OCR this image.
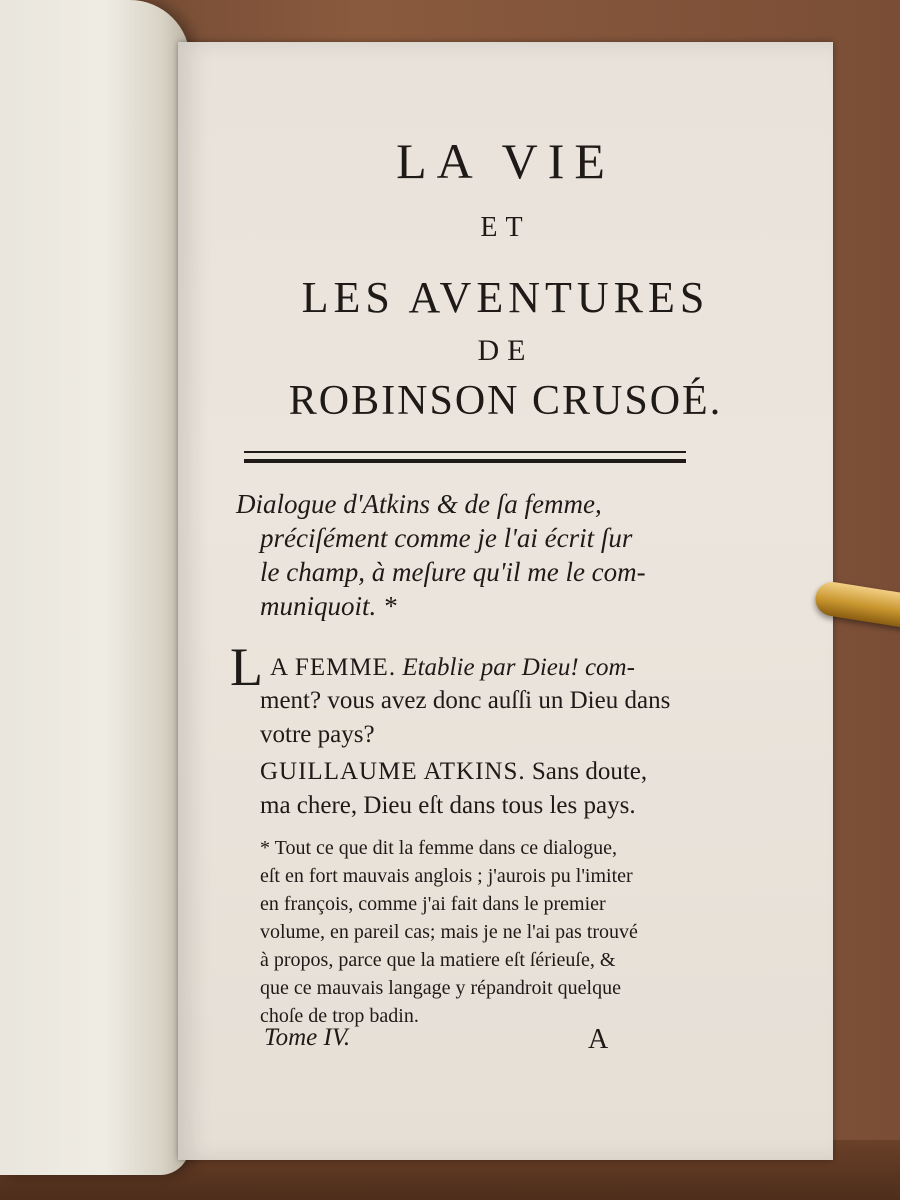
LA VIE
ET
LES AVENTURES
DE
ROBINSON CRUSOÉ.
Dialogue d'Atkins & de ſa femme,
préciſément comme je l'ai écrit ſur
le champ, à meſure qu'il me le com-
muniquoit. *
L A FEMME. Etablie par Dieu! com-
ment? vous avez donc auſſi un Dieu dans
votre pays?
GUILLAUME ATKINS. Sans doute,
ma chere, Dieu eſt dans tous les pays.
* Tout ce que dit la femme dans ce dialogue,
eſt en fort mauvais anglois ; j'aurois pu l'imiter
en françois, comme j'ai fait dans le premier
volume, en pareil cas; mais je ne l'ai pas trouvé
à propos, parce que la matiere eſt ſérieuſe, &
que ce mauvais langage y répandroit quelque
choſe de trop badin.
Tome IV.	A
